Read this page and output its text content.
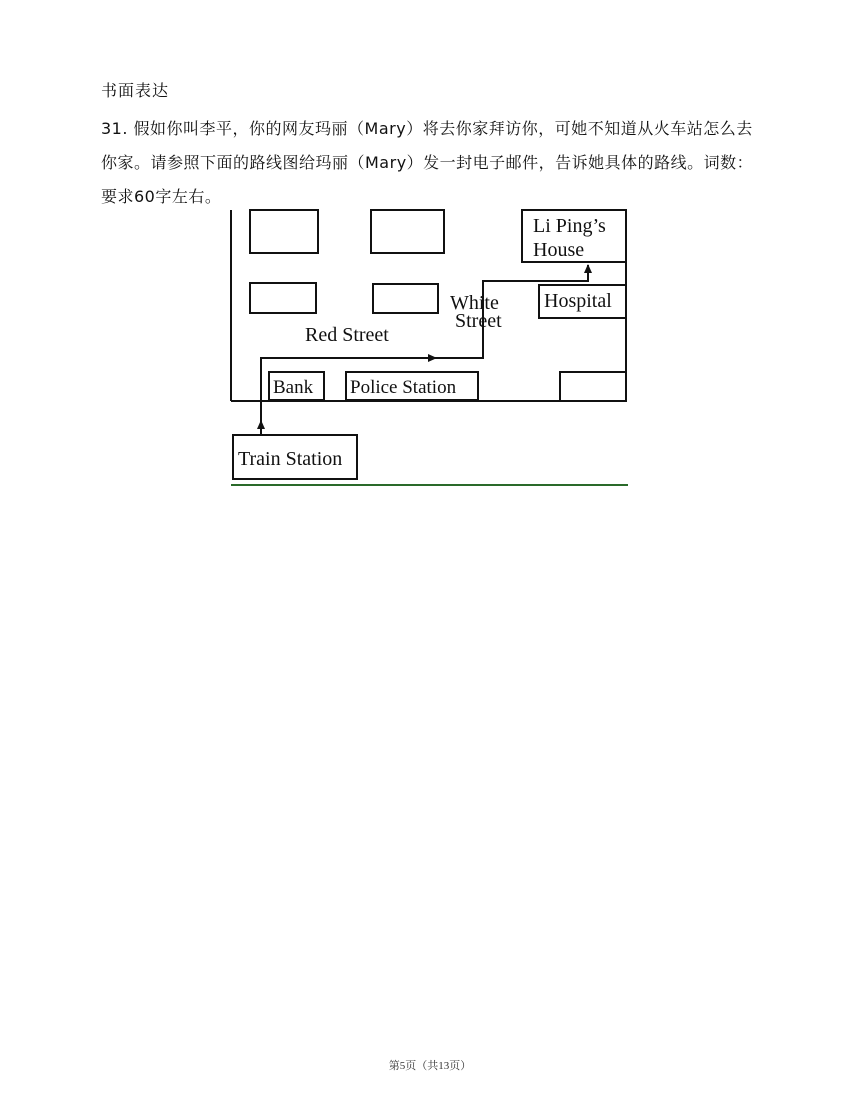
书面表达
31. 假如你叫李平，你的网友玛丽（Mary）将去你家拜访你，可她不知道从火车站怎么去你家。请参照下面的路线图给玛丽（Mary）发一封电子邮件，告诉她具体的路线。词数：要求60字左右。
Li Ping’s
House
Hospital
White
Street
Red Street
Bank Police Station
Train Station
第5页（共13页）
